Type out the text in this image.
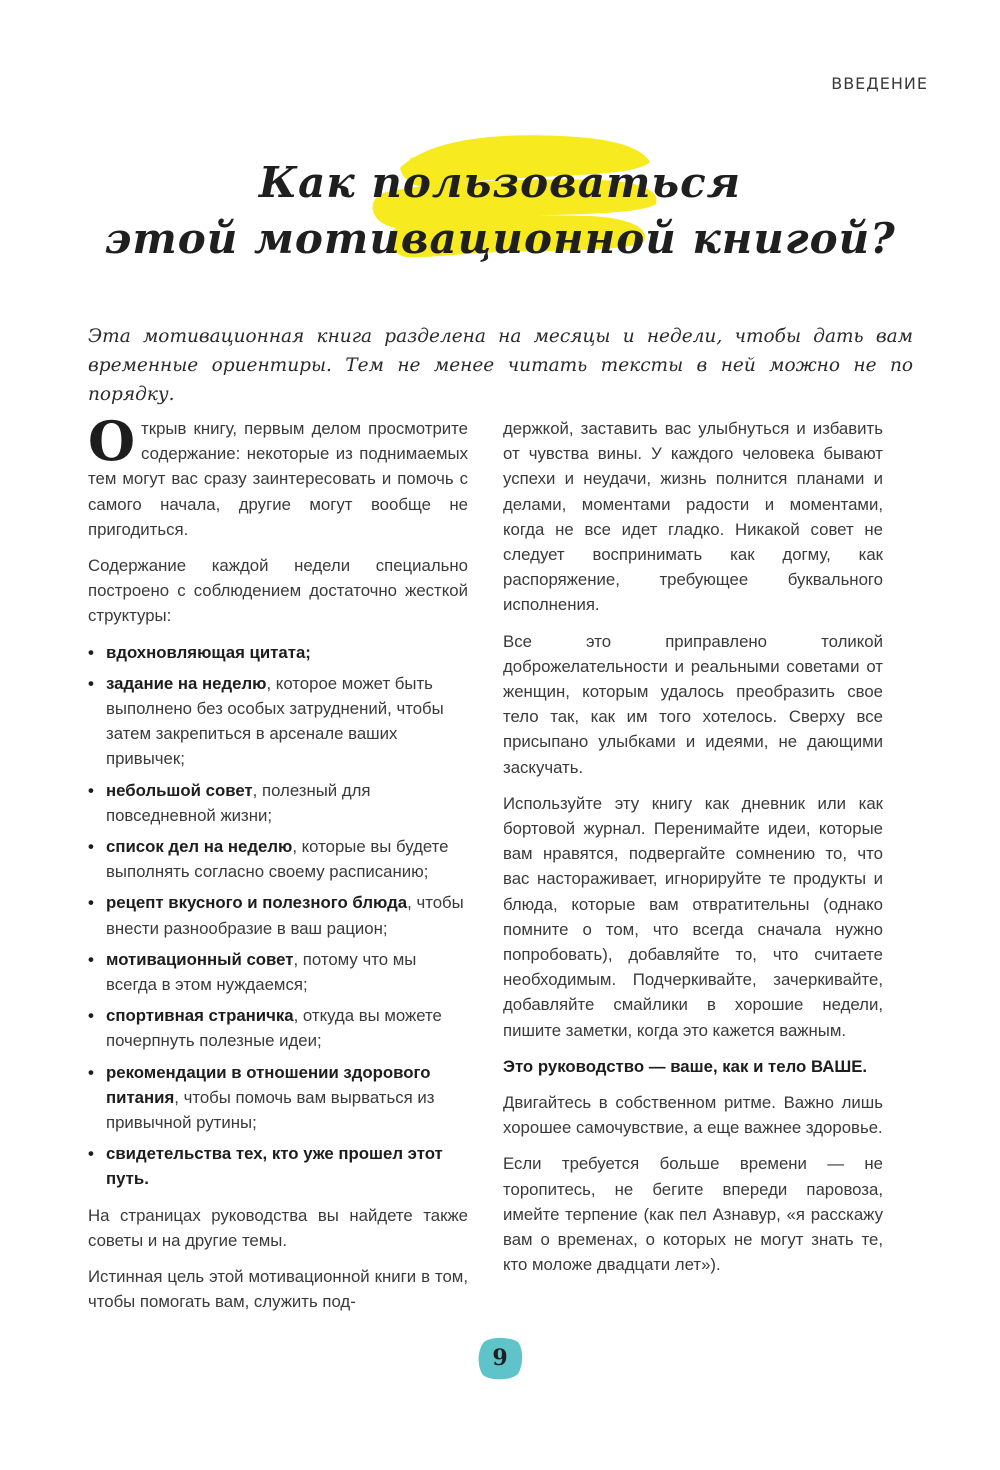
ВВЕДЕНИЕ
Как пользоваться
этой мотивационной книгой?
Эта мотивационная книга разделена на месяцы и недели, чтобы дать вам временные ориентиры. Тем не менее читать тексты в ней можно не по порядку.

Открыв книгу, первым делом просмотрите содержание: некоторые из поднимаемых тем могут вас сразу заинтересовать и помочь с самого начала, другие могут вообще не пригодиться.

Содержание каждой недели специально построено с соблюдением достаточно жесткой структуры:

• вдохновляющая цитата;
• задание на неделю, которое может быть выполнено без особых затруднений, чтобы затем закрепиться в арсенале ваших привычек;
• небольшой совет, полезный для повседневной жизни;
• список дел на неделю, которые вы будете выполнять согласно своему расписанию;
• рецепт вкусного и полезного блюда, чтобы внести разнообразие в ваш рацион;
• мотивационный совет, потому что мы всегда в этом нуждаемся;
• спортивная страничка, откуда вы можете почерпнуть полезные идеи;
• рекомендации в отношении здорового питания, чтобы помочь вам вырваться из привычной рутины;
• свидетельства тех, кто уже прошел этот путь.

На страницах руководства вы найдете также советы и на другие темы.

Истинная цель этой мотивационной книги в том, чтобы помогать вам, служить под-

держкой, заставить вас улыбнуться и избавить от чувства вины. У каждого человека бывают успехи и неудачи, жизнь полнится планами и делами, моментами радости и моментами, когда не все идет гладко. Никакой совет не следует воспринимать как догму, как распоряжение, требующее буквального исполнения.

Все это приправлено толикой доброжелательности и реальными советами от женщин, которым удалось преобразить свое тело так, как им того хотелось. Сверху все присыпано улыбками и идеями, не дающими заскучать.

Используйте эту книгу как дневник или как бортовой журнал. Перенимайте идеи, которые вам нравятся, подвергайте сомнению то, что вас настораживает, игнорируйте те продукты и блюда, которые вам отвратительны (однако помните о том, что всегда сначала нужно попробовать), добавляйте то, что считаете необходимым. Подчеркивайте, зачеркивайте, добавляйте смайлики в хорошие недели, пишите заметки, когда это кажется важным.

Это руководство — ваше, как и тело ВАШЕ.

Двигайтесь в собственном ритме. Важно лишь хорошее самочувствие, а еще важнее здоровье.

Если требуется больше времени — не торопитесь, не бегите впереди паровоза, имейте терпение (как пел Азнавур, «я расскажу вам о временах, о которых не могут знать те, кто моложе двадцати лет»).

9
